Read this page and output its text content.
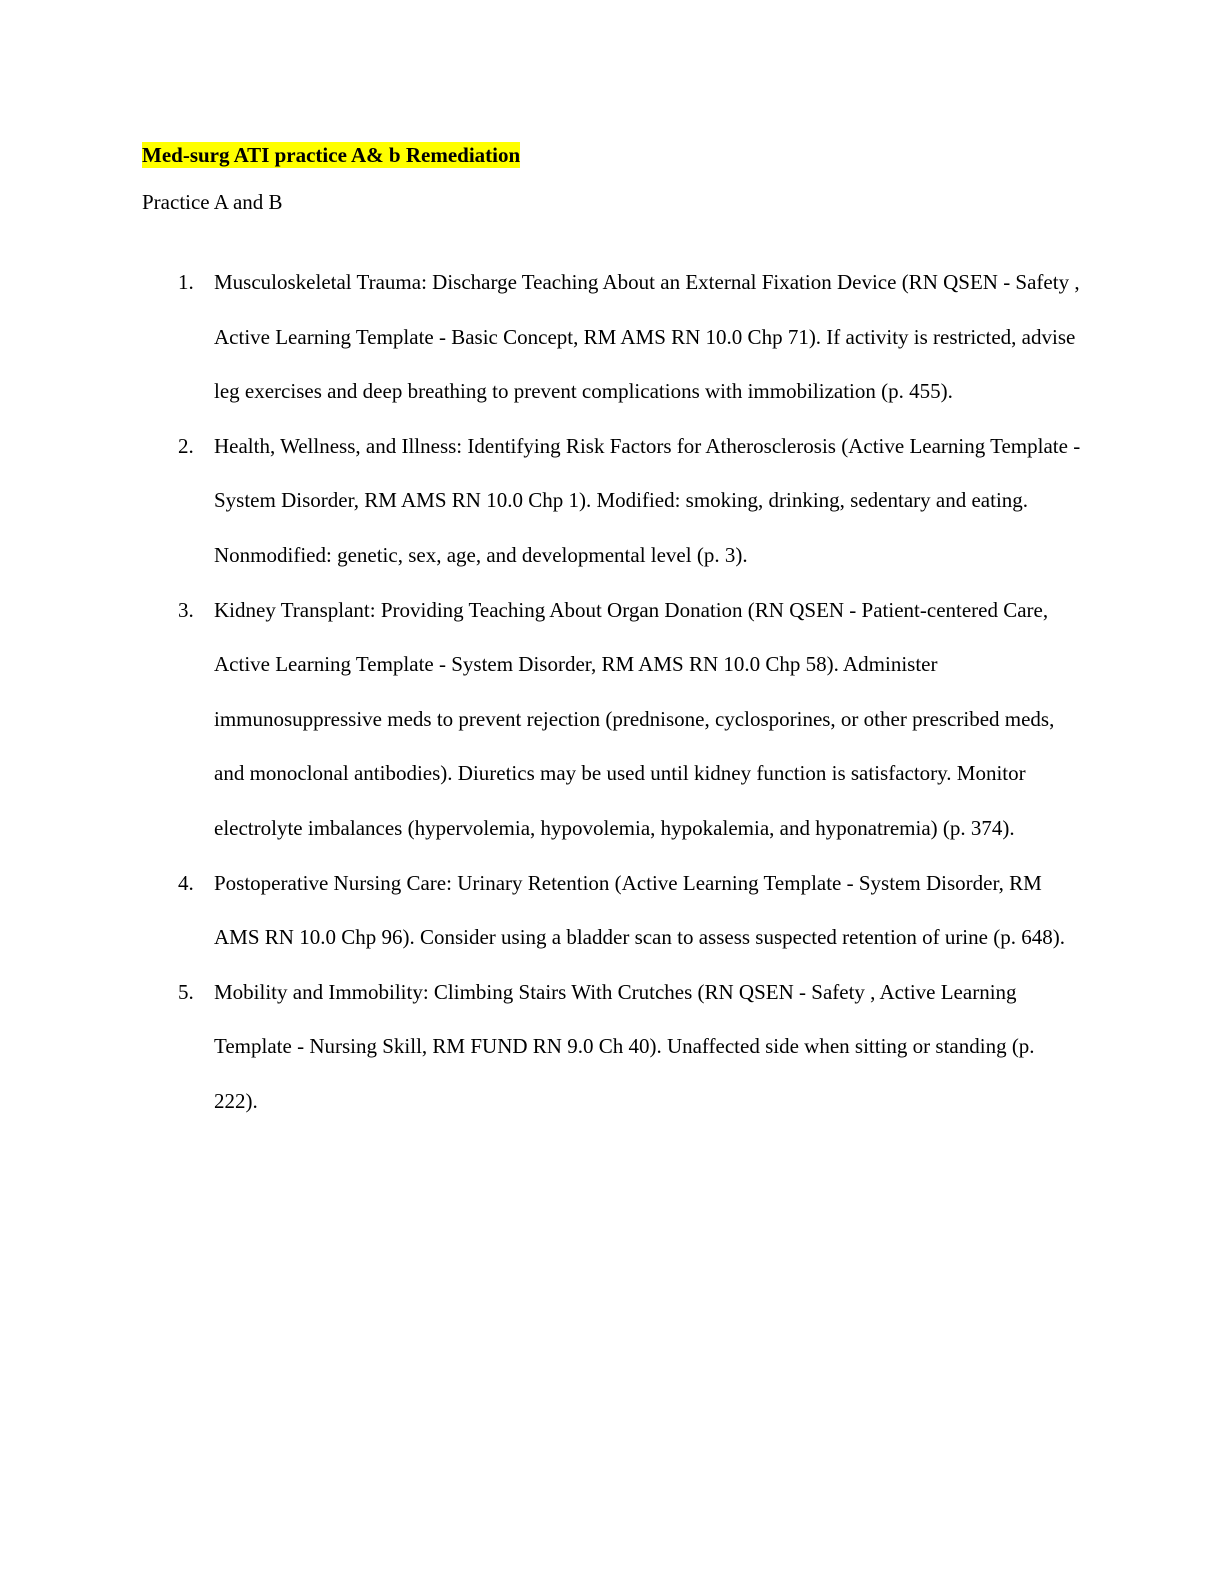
Med-surg ATI practice A& b Remediation

Practice A and B

1. Musculoskeletal Trauma: Discharge Teaching About an External Fixation Device (RN QSEN - Safety , Active Learning Template - Basic Concept, RM AMS RN 10.0 Chp 71). If activity is restricted, advise leg exercises and deep breathing to prevent complications with immobilization (p. 455).
2. Health, Wellness, and Illness: Identifying Risk Factors for Atherosclerosis (Active Learning Template - System Disorder, RM AMS RN 10.0 Chp 1). Modified: smoking, drinking, sedentary and eating. Nonmodified: genetic, sex, age, and developmental level (p. 3).
3. Kidney Transplant: Providing Teaching About Organ Donation (RN QSEN - Patient-centered Care, Active Learning Template - System Disorder, RM AMS RN 10.0 Chp 58). Administer immunosuppressive meds to prevent rejection (prednisone, cyclosporines, or other prescribed meds, and monoclonal antibodies). Diuretics may be used until kidney function is satisfactory. Monitor electrolyte imbalances (hypervolemia, hypovolemia, hypokalemia, and hyponatremia) (p. 374).
4. Postoperative Nursing Care: Urinary Retention (Active Learning Template - System Disorder, RM AMS RN 10.0 Chp 96). Consider using a bladder scan to assess suspected retention of urine (p. 648).
5. Mobility and Immobility: Climbing Stairs With Crutches (RN QSEN - Safety , Active Learning Template - Nursing Skill, RM FUND RN 9.0 Ch 40). Unaffected side when sitting or standing (p. 222).
